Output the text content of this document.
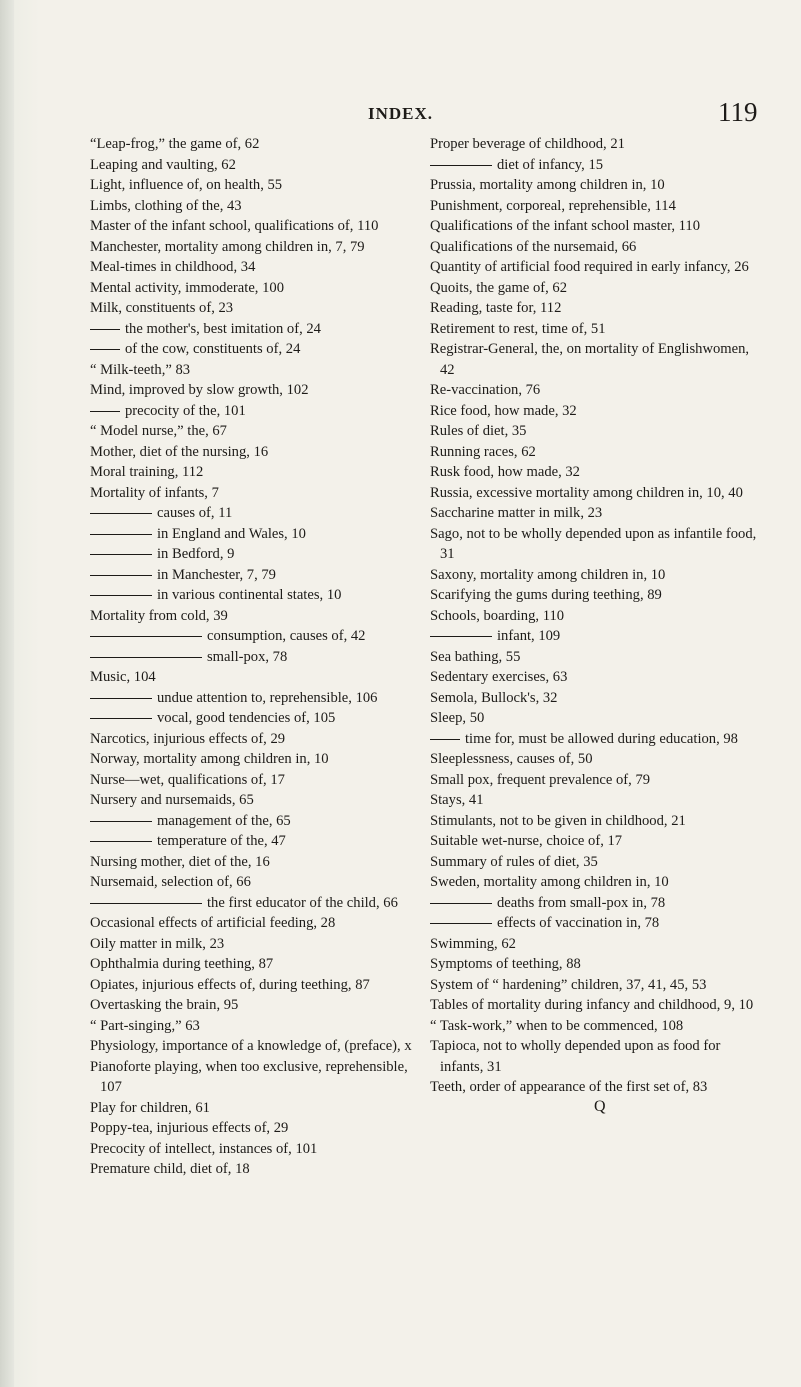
INDEX.	119

“Leap-frog,” the game of, 62

Leaping and vaulting, 62

Light, influence of, on health, 55

Limbs, clothing of the, 43

Master of the infant school, qualifications of, 110

Manchester, mortality among children in, 7, 79

Meal-times in childhood, 34

Mental activity, immoderate, 100

Milk, constituents of, 23

the mother's, best imitation of, 24

of the cow, constituents of, 24

“ Milk-teeth,” 83

Mind, improved by slow growth, 102

precocity of the, 101

“ Model nurse,” the, 67

Mother, diet of the nursing, 16

Moral training, 112

Mortality of infants, 7

causes of, 11

in England and Wales, 10

in Bedford, 9

in Manchester, 7, 79

in various continental states, 10

Mortality from cold, 39

consumption, causes of, 42

small-pox, 78

Music, 104

undue attention to, reprehensible, 106

vocal, good tendencies of, 105

Narcotics, injurious effects of, 29

Norway, mortality among children in, 10

Nurse—wet, qualifications of, 17

Nursery and nursemaids, 65

management of the, 65

temperature of the, 47

Nursing mother, diet of the, 16

Nursemaid, selection of, 66

the first educator of the child, 66

Occasional effects of artificial feeding, 28

Oily matter in milk, 23

Ophthalmia during teething, 87

Opiates, injurious effects of, during teething, 87

Overtasking the brain, 95

“ Part-singing,” 63

Physiology, importance of a knowledge of, (preface), x

Pianoforte playing, when too exclusive, reprehensible, 107

Play for children, 61

Poppy-tea, injurious effects of, 29

Precocity of intellect, instances of, 101

Premature child, diet of, 18

Proper beverage of childhood, 21

diet of infancy, 15

Prussia, mortality among children in, 10

Punishment, corporeal, reprehensible, 114

Qualifications of the infant school master, 110

Qualifications of the nursemaid, 66

Quantity of artificial food required in early infancy, 26

Quoits, the game of, 62

Reading, taste for, 112

Retirement to rest, time of, 51

Registrar-General, the, on mortality of Englishwomen, 42

Re-vaccination, 76

Rice food, how made, 32

Rules of diet, 35

Running races, 62

Rusk food, how made, 32

Russia, excessive mortality among children in, 10, 40

Saccharine matter in milk, 23

Sago, not to be wholly depended upon as infantile food, 31

Saxony, mortality among children in, 10

Scarifying the gums during teething, 89

Schools, boarding, 110

infant, 109

Sea bathing, 55

Sedentary exercises, 63

Semola, Bullock's, 32

Sleep, 50

time for, must be allowed during education, 98

Sleeplessness, causes of, 50

Small pox, frequent prevalence of, 79

Stays, 41

Stimulants, not to be given in childhood, 21

Suitable wet-nurse, choice of, 17

Summary of rules of diet, 35

Sweden, mortality among children in, 10

deaths from small-pox in, 78

effects of vaccination in, 78

Swimming, 62

Symptoms of teething, 88

System of “ hardening” children, 37, 41, 45, 53

Tables of mortality during infancy and childhood, 9, 10

“ Task-work,” when to be commenced, 108

Tapioca, not to wholly depended upon as food for infants, 31

Teeth, order of appearance of the first set of, 83

Q
